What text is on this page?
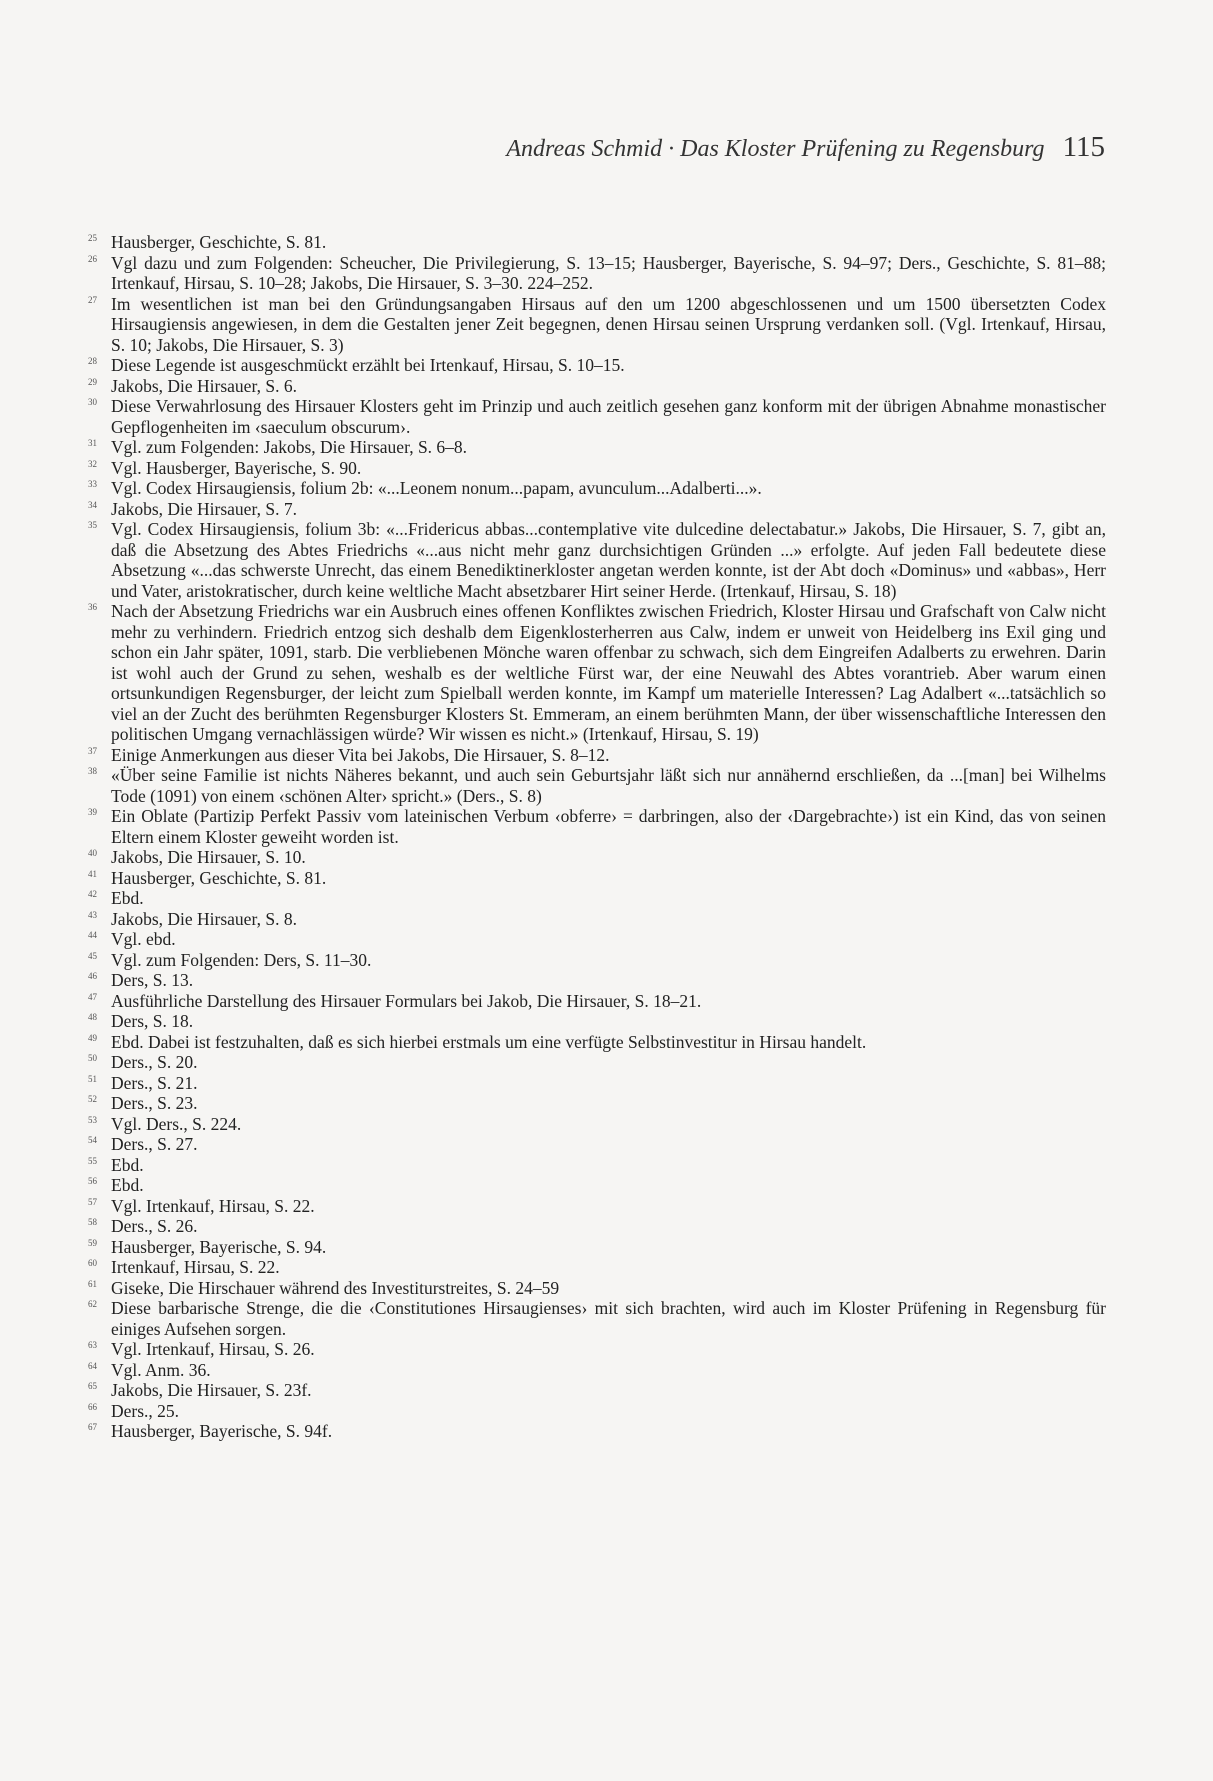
Andreas Schmid · Das Kloster Prüfening zu Regensburg 115
25 Hausberger, Geschichte, S. 81.
26 Vgl dazu und zum Folgenden: Scheucher, Die Privilegierung, S. 13–15; Hausberger, Bayerische, S. 94–97; Ders., Geschichte, S. 81–88; Irtenkauf, Hirsau, S. 10–28; Jakobs, Die Hirsauer, S. 3–30. 224–252.
27 Im wesentlichen ist man bei den Gründungsangaben Hirsaus auf den um 1200 abgeschlossenen und um 1500 übersetzten Codex Hirsaugiensis angewiesen, in dem die Gestalten jener Zeit begegnen, denen Hirsau seinen Ursprung verdanken soll. (Vgl. Irtenkauf, Hirsau, S. 10; Jakobs, Die Hirsauer, S. 3)
28 Diese Legende ist ausgeschmückt erzählt bei Irtenkauf, Hirsau, S. 10–15.
29 Jakobs, Die Hirsauer, S. 6.
30 Diese Verwahrlosung des Hirsauer Klosters geht im Prinzip und auch zeitlich gesehen ganz konform mit der übrigen Abnahme monastischer Gepflogenheiten im ‹saeculum obscurum›.
31 Vgl. zum Folgenden: Jakobs, Die Hirsauer, S. 6–8.
32 Vgl. Hausberger, Bayerische, S. 90.
33 Vgl. Codex Hirsaugiensis, folium 2b: «...Leonem nonum...papam, avunculum...Adalberti...».
34 Jakobs, Die Hirsauer, S. 7.
35 Vgl. Codex Hirsaugiensis, folium 3b: «...Fridericus abbas...contemplative vite dulcedine delectabatur.» Jakobs, Die Hirsauer, S. 7, gibt an, daß die Absetzung des Abtes Friedrichs «...aus nicht mehr ganz durchsichtigen Gründen ...» erfolgte. Auf jeden Fall bedeutete diese Absetzung «...das schwerste Unrecht, das einem Benediktinerkloster angetan werden konnte, ist der Abt doch «Dominus» und «abbas», Herr und Vater, aristokratischer, durch keine weltliche Macht absetzbarer Hirt seiner Herde. (Irtenkauf, Hirsau, S. 18)
36 Nach der Absetzung Friedrichs war ein Ausbruch eines offenen Konfliktes zwischen Friedrich, Kloster Hirsau und Grafschaft von Calw nicht mehr zu verhindern. Friedrich entzog sich deshalb dem Eigenklosterherren aus Calw, indem er unweit von Heidelberg ins Exil ging und schon ein Jahr später, 1091, starb. Die verbliebenen Mönche waren offenbar zu schwach, sich dem Eingreifen Adalberts zu erwehren. Darin ist wohl auch der Grund zu sehen, weshalb es der weltliche Fürst war, der eine Neuwahl des Abtes vorantrieb. Aber warum einen ortsunkundigen Regensburger, der leicht zum Spielball werden konnte, im Kampf um materielle Interessen? Lag Adalbert «...tatsächlich so viel an der Zucht des berühmten Regensburger Klosters St. Emmeram, an einem berühmten Mann, der über wissenschaftliche Interessen den politischen Umgang vernachlässigen würde? Wir wissen es nicht.» (Irtenkauf, Hirsau, S. 19)
37 Einige Anmerkungen aus dieser Vita bei Jakobs, Die Hirsauer, S. 8–12.
38 «Über seine Familie ist nichts Näheres bekannt, und auch sein Geburtsjahr läßt sich nur annähernd erschließen, da ...[man] bei Wilhelms Tode (1091) von einem ‹schönen Alter› spricht.» (Ders., S. 8)
39 Ein Oblate (Partizip Perfekt Passiv vom lateinischen Verbum ‹obferre› = darbringen, also der ‹Dargebrachte›) ist ein Kind, das von seinen Eltern einem Kloster geweiht worden ist.
40 Jakobs, Die Hirsauer, S. 10.
41 Hausberger, Geschichte, S. 81.
42 Ebd.
43 Jakobs, Die Hirsauer, S. 8.
44 Vgl. ebd.
45 Vgl. zum Folgenden: Ders, S. 11–30.
46 Ders, S. 13.
47 Ausführliche Darstellung des Hirsauer Formulars bei Jakob, Die Hirsauer, S. 18–21.
48 Ders, S. 18.
49 Ebd. Dabei ist festzuhalten, daß es sich hierbei erstmals um eine verfügte Selbstinvestitur in Hirsau handelt.
50 Ders., S. 20.
51 Ders., S. 21.
52 Ders., S. 23.
53 Vgl. Ders., S. 224.
54 Ders., S. 27.
55 Ebd.
56 Ebd.
57 Vgl. Irtenkauf, Hirsau, S. 22.
58 Ders., S. 26.
59 Hausberger, Bayerische, S. 94.
60 Irtenkauf, Hirsau, S. 22.
61 Giseke, Die Hirschauer während des Investiturstreites, S. 24–59
62 Diese barbarische Strenge, die die ‹Constitutiones Hirsaugienses› mit sich brachten, wird auch im Kloster Prüfening in Regensburg für einiges Aufsehen sorgen.
63 Vgl. Irtenkauf, Hirsau, S. 26.
64 Vgl. Anm. 36.
65 Jakobs, Die Hirsauer, S. 23f.
66 Ders., 25.
67 Hausberger, Bayerische, S. 94f.
